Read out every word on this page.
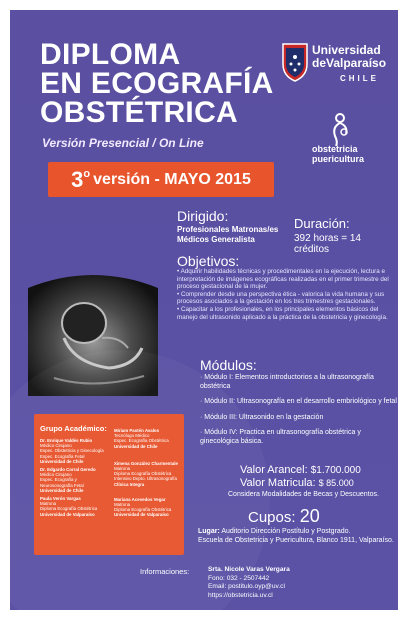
DIPLOMA
EN ECOGRAFÍA
OBSTÉTRICA
Versión Presencial / On Line
3 o versión - MAYO 2015
Universidad
deValparaíso
CHILE
obstetricia
puericultura
Dirigido:
Profesionales Matronas/es
Médicos Generalista
Duración:
392 horas = 14 créditos
Objetivos:
• Adquirir habilidades técnicas y procedimentales en la ejecución, lectura e interpretación de imágenes ecográficas realizadas en el primer trimestre del proceso gestacional de la mujer.
• Comprender desde una perspectiva ética - valorica la vida humana y sus procesos asociados a la gestación en los tres trimestres gestacionales.
• Capacitar a los profesionales, en los principales elementos básicos del manejo del ultrasonido aplicado a la práctica de la obstetricia y ginecología.
Módulos:
· Módulo I: Elementos introductorios a la ultrasonografía obstétrica
· Módulo II: Ultrasonografía en el desarrollo embriológico y fetal
· Módulo III: Ultrasonido en la gestación
· Módulo IV: Practica en ultrasonografía obstétrica y ginecológica básica.
Grupo Académico:
Dr. Enrique Valdés Rubio
Médico Cirujano
Espec. Obstetricia y Ginecología
Espec. Ecografía Fetal
Universidad de Chile
Dr. Edgardo Corral Geredo
Médico Cirujano
Espec. Ecografía y
Neurosonografía Fetal
Universidad de Chile
Paula Verón Vargas
Matrona
Diploma Ecografía Obstétrica
Universidad de Valparaíso
Miriam Pastén Avalos
Tecnólogo Médico
Espec. Ecografía Obstétrica
Universidad de Chile
Ximena González Charmentale
Matrona
Diploma Ecografía Obstétrica
Intensivo Depto. Ultrasonografía
Clínica Integra
Mariana Acevedos Vegar
Matrona
Diploma Ecografía Obstétrica
Universidad de Valparaíso
Valor Arancel: $1.700.000
Valor Matricula: $ 85.000
Considera Modalidades de Becas y Descuentos.
Cupos: 20
Lugar: Auditorio Dirección Postítulo y Postgrado.
Escuela de Obstetricia y Puericultura, Blanco 1911, Valparaíso.
Informaciones:	Srta. Nicole Varas Vergara
Fono: 032 - 2507442
Email: postitulo.oyp@uv.cl
https://obstetricia.uv.cl
